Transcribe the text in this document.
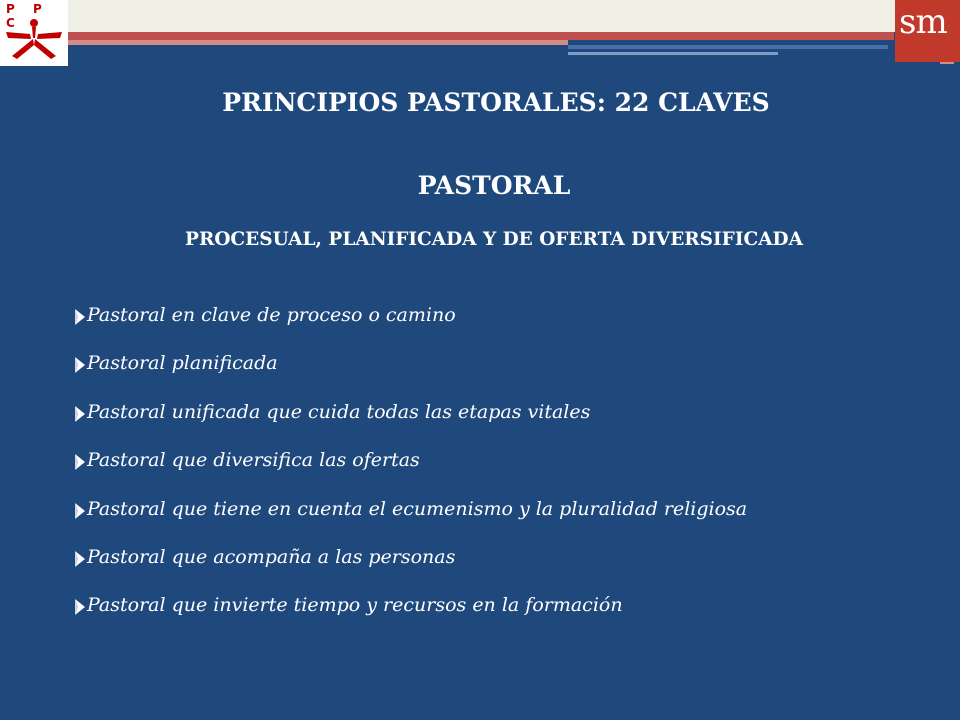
P P C	sm
PRINCIPIOS PASTORALES: 22 CLAVES
PASTORAL
PROCESUAL, PLANIFICADA Y DE OFERTA DIVERSIFICADA
Pastoral en clave de proceso o camino
Pastoral planificada
Pastoral unificada que cuida todas las etapas vitales
Pastoral que diversifica las ofertas
Pastoral que tiene en cuenta el ecumenismo y la pluralidad religiosa
Pastoral que acompaña a las personas
Pastoral que invierte tiempo y recursos en la formación
